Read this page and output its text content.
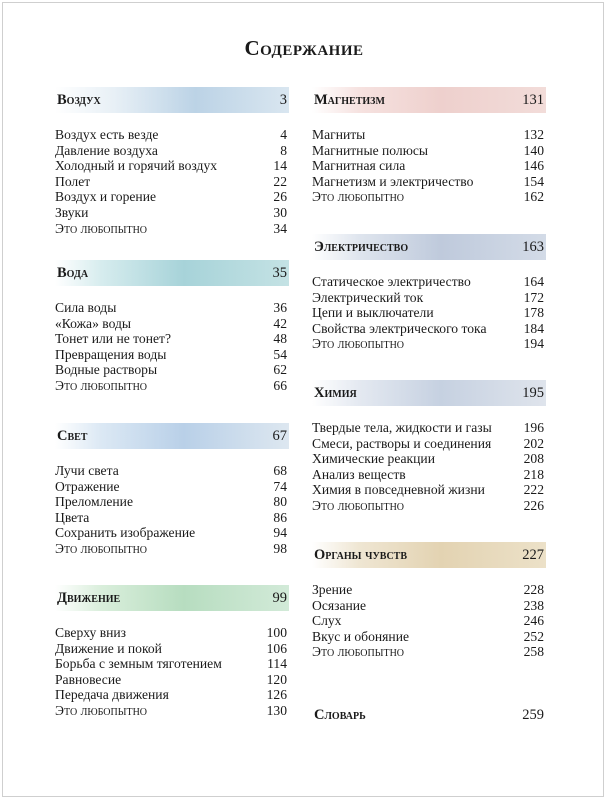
Содержание
Воздух	3
Воздух есть везде	4
Давление воздуха	8
Холодный и горячий воздух	14
Полет	22
Воздух и горение	26
Звуки	30
Это любопытно	34
Вода	35
Сила воды	36
«Кожа» воды	42
Тонет или не тонет?	48
Превращения воды	54
Водные растворы	62
Это любопытно	66
Свет	67
Лучи света	68
Отражение	74
Преломление	80
Цвета	86
Сохранить изображение	94
Это любопытно	98
Движение	99
Сверху вниз	100
Движение и покой	106
Борьба с земным тяготением	114
Равновесие	120
Передача движения	126
Это любопытно	130
Магнетизм	131
Магниты	132
Магнитные полюсы	140
Магнитная сила	146
Магнетизм и электричество	154
Это любопытно	162
Электричество	163
Статическое электричество	164
Электрический ток	172
Цепи и выключатели	178
Свойства электрического тока	184
Это любопытно	194
Химия	195
Твердые тела, жидкости и газы 196
Смеси, растворы и соединения 202
Химические реакции	208
Анализ веществ	218
Химия в повседневной жизни	222
Это любопытно	226
Органы чувств	227
Зрение	228
Осязание	238
Слух	246
Вкус и обоняние	252
Это любопытно	258
Словарь	259
